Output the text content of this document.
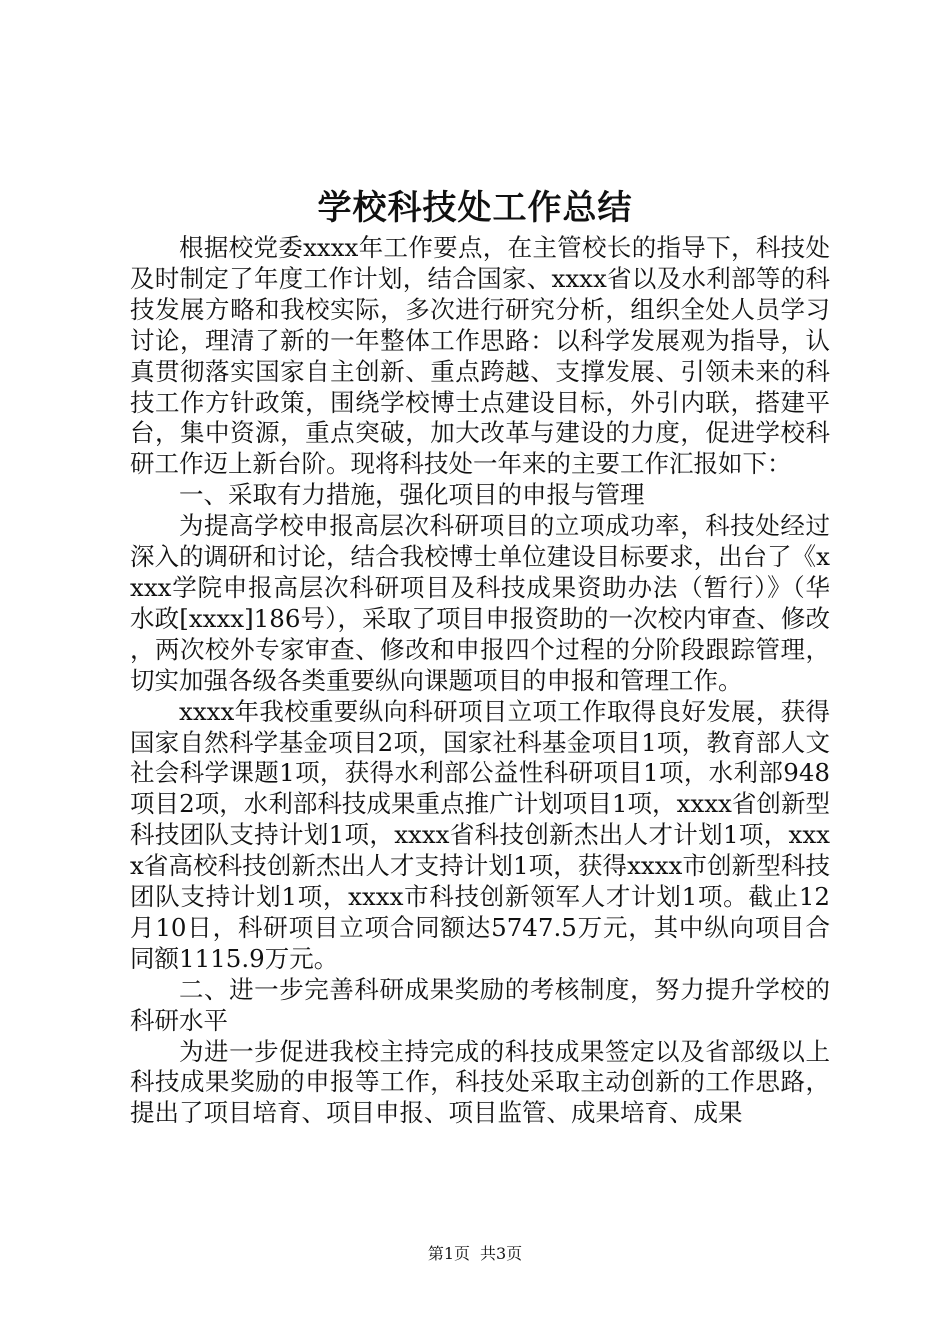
学校科技处工作总结

根据校党委xxxx年工作要点，在主管校长的指导下，科技处及时制定了年度工作计划，结合国家、xxxx省以及水利部等的科技发展方略和我校实际，多次进行研究分析，组织全处人员学习讨论，理清了新的一年整体工作思路：以科学发展观为指导，认真贯彻落实国家自主创新、重点跨越、支撑发展、引领未来的科技工作方针政策，围绕学校博士点建设目标，外引内联，搭建平台，集中资源，重点突破，加大改革与建设的力度，促进学校科研工作迈上新台阶。现将科技处一年来的主要工作汇报如下：

一、采取有力措施，强化项目的申报与管理

为提高学校申报高层次科研项目的立项成功率，科技处经过深入的调研和讨论，结合我校博士单位建设目标要求，出台了《xxxx学院申报高层次科研项目及科技成果资助办法（暂行）》（华水政[xxxx]186号），采取了项目申报资助的一次校内审查、修改，两次校外专家审查、修改和申报四个过程的分阶段跟踪管理，切实加强各级各类重要纵向课题项目的申报和管理工作。

xxxx年我校重要纵向科研项目立项工作取得良好发展，获得国家自然科学基金项目2项，国家社科基金项目1项，教育部人文社会科学课题1项，获得水利部公益性科研项目1项，水利部948项目2项，水利部科技成果重点推广计划项目1项，xxxx省创新型科技团队支持计划1项，xxxx省科技创新杰出人才计划1项，xxxx省高校科技创新杰出人才支持计划1项，获得xxxx市创新型科技团队支持计划1项，xxxx市科技创新领军人才计划1项。截止12月10日，科研项目立项合同额达5747.5万元，其中纵向项目合同额1115.9万元。

二、进一步完善科研成果奖励的考核制度，努力提升学校的科研水平

为进一步促进我校主持完成的科技成果签定以及省部级以上科技成果奖励的申报等工作，科技处采取主动创新的工作思路，提出了项目培育、项目申报、项目监管、成果培育、成果

第1页 共3页
